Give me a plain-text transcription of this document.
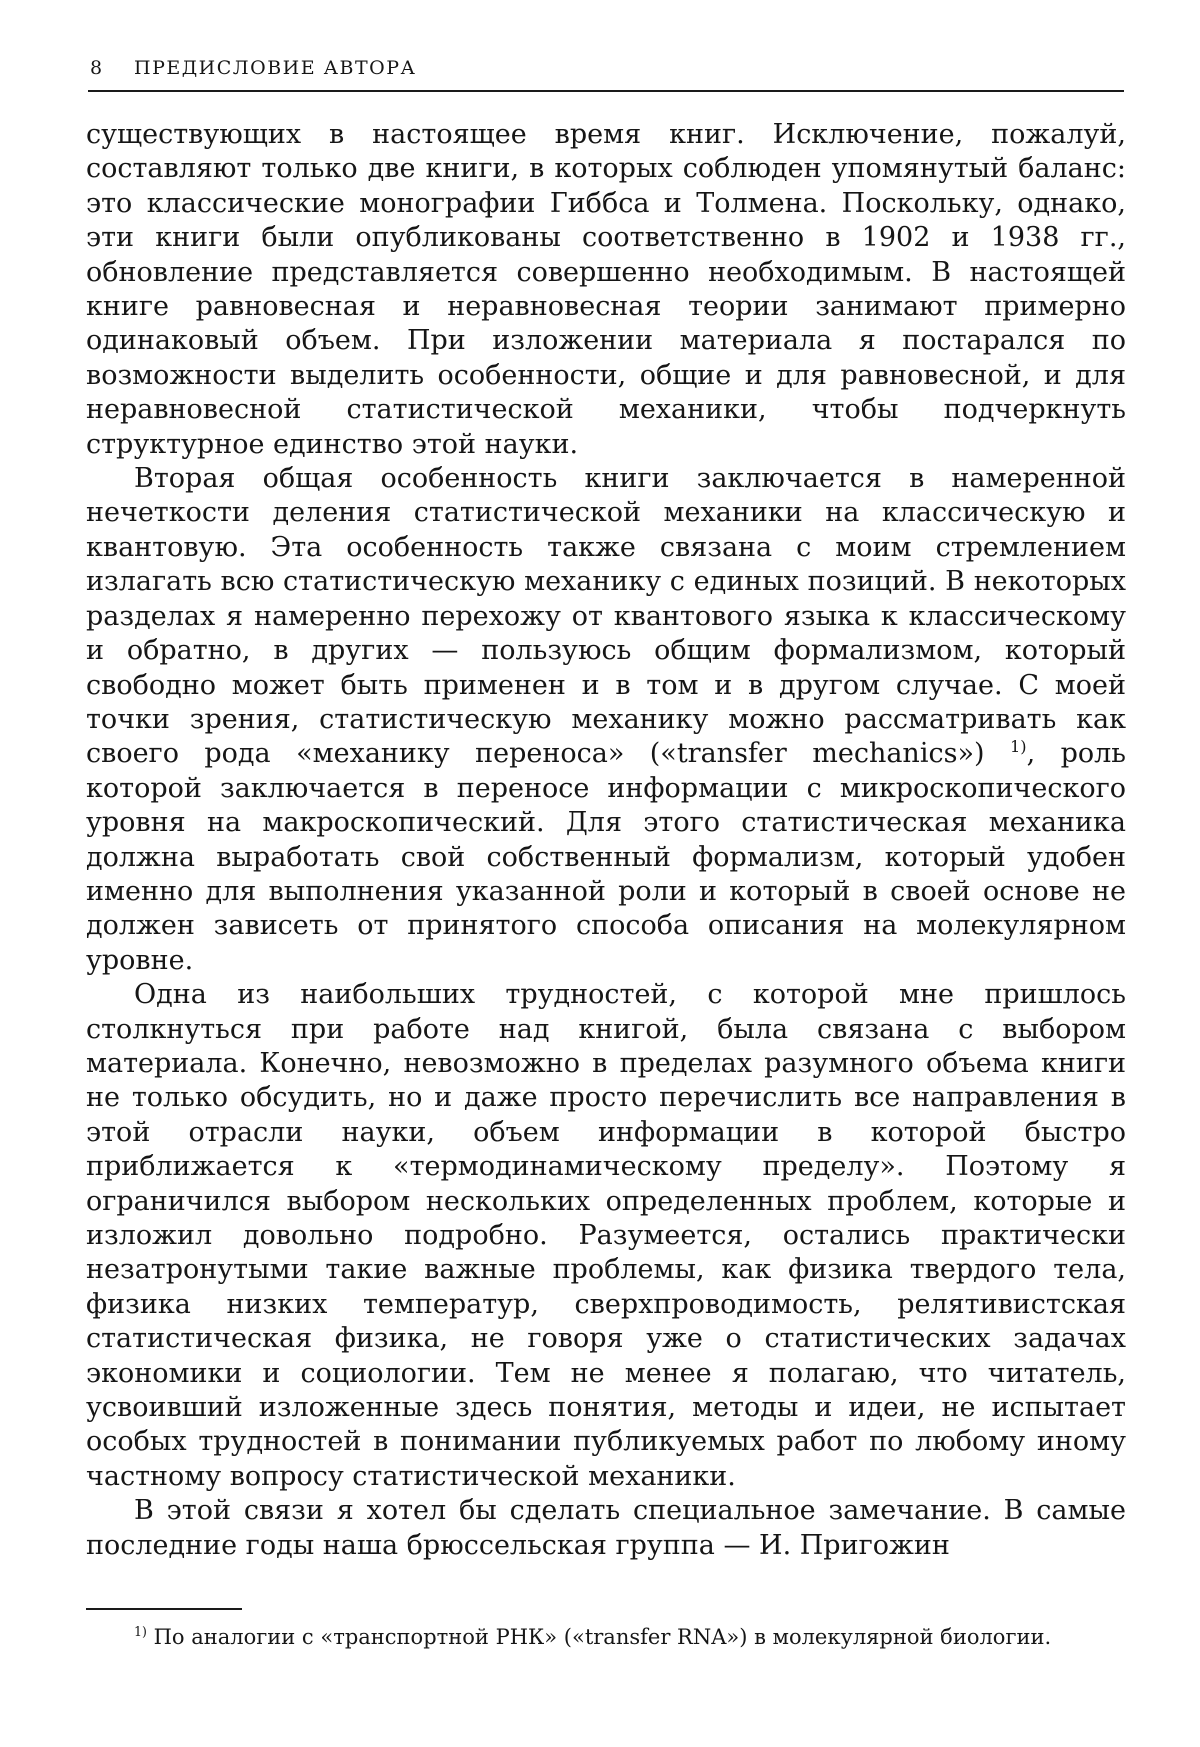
8 ПРЕДИСЛОВИЕ АВТОРА

существующих в настоящее время книг. Исключение, пожалуй, составляют только две книги, в которых соблюден упомянутый баланс: это классические монографии Гиббса и Толмена. Поскольку, однако, эти книги были опубликованы соответственно в 1902 и 1938 гг., обновление представляется совершенно необходимым. В настоящей книге равновесная и неравновесная теории занимают примерно одинаковый объем. При изложении материала я постарался по возможности выделить особенности, общие и для равновесной, и для неравновесной статистической механики, чтобы подчеркнуть структурное единство этой науки.

Вторая общая особенность книги заключается в намеренной нечеткости деления статистической механики на классическую и квантовую. Эта особенность также связана с моим стремлением излагать всю статистическую механику с единых позиций. В некоторых разделах я намеренно перехожу от квантового языка к классическому и обратно, в других — пользуюсь общим формализмом, который свободно может быть применен и в том и в другом случае. С моей точки зрения, статистическую механику можно рассматривать как своего рода «механику переноса» («transfer mechanics») $^{1)}$, роль которой заключается в переносе информации с микроскопического уровня на макроскопический. Для этого статистическая механика должна выработать свой собственный формализм, который удобен именно для выполнения указанной роли и который в своей основе не должен зависеть от принятого способа описания на молекулярном уровне.

Одна из наибольших трудностей, с которой мне пришлось столкнуться при работе над книгой, была связана с выбором материала. Конечно, невозможно в пределах разумного объема книги не только обсудить, но и даже просто перечислить все направления в этой отрасли науки, объем информации в которой быстро приближается к «термодинамическому пределу». Поэтому я ограничился выбором нескольких определенных проблем, которые и изложил довольно подробно. Разумеется, остались практически незатронутыми такие важные проблемы, как физика твердого тела, физика низких температур, сверхпроводимость, релятивистская статистическая физика, не говоря уже о статистических задачах экономики и социологии. Тем не менее я полагаю, что читатель, усвоивший изложенные здесь понятия, методы и идеи, не испытает особых трудностей в понимании публикуемых работ по любому иному частному вопросу статистической механики.

В этой связи я хотел бы сделать специальное замечание. В самые последние годы наша брюссельская группа — И. Пригожин

$^{1)}$ По аналогии с «транспортной РНК» («transfer RNA») в молекулярной биологии.
